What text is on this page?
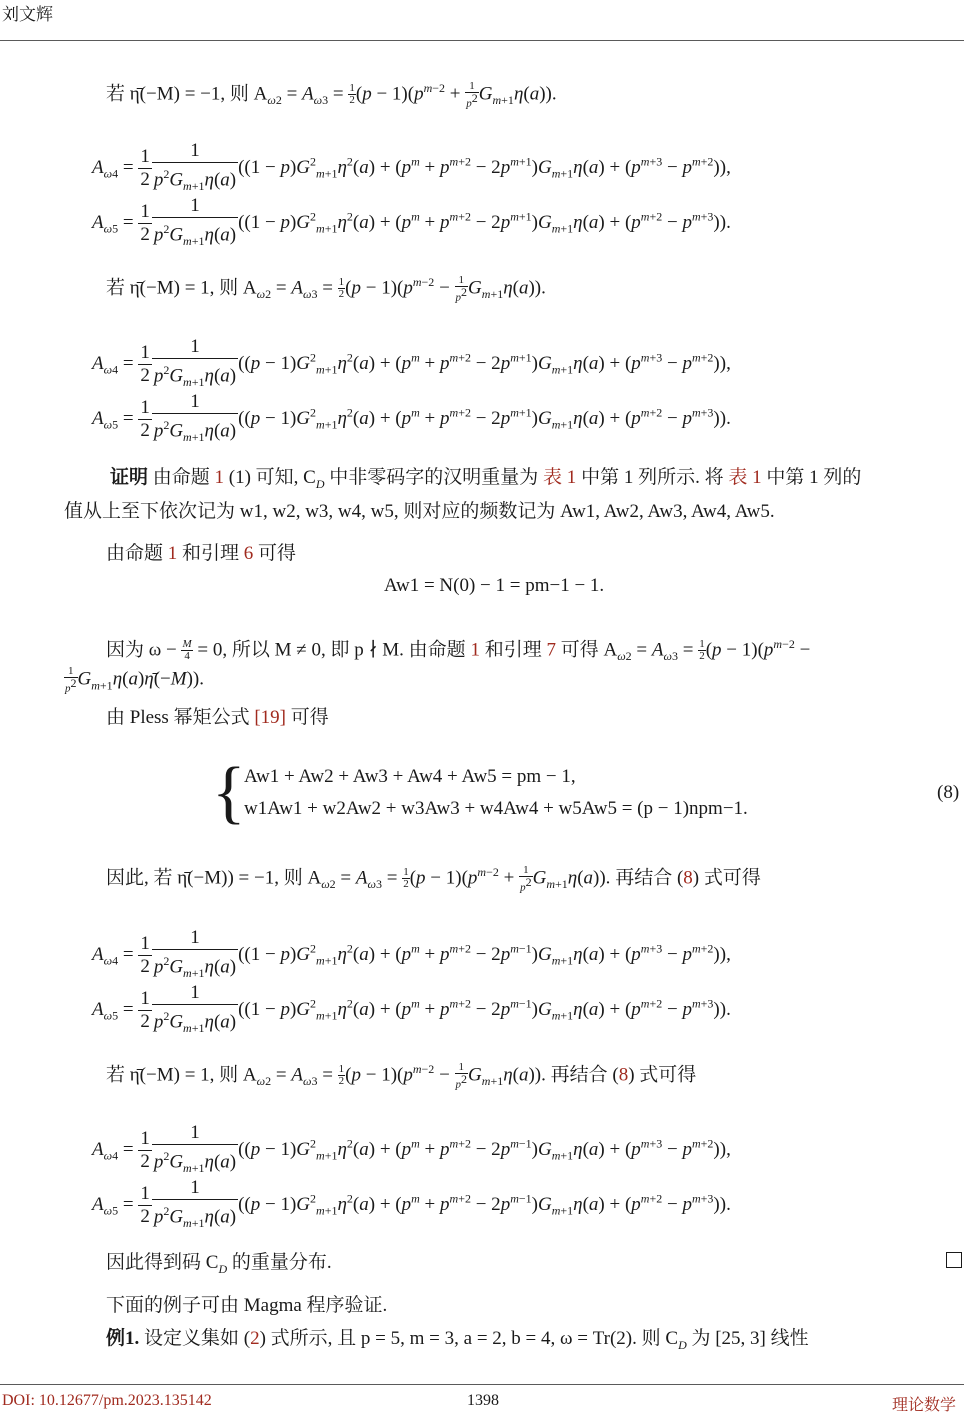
刘文辉
若 η̄(−M) = −1, 则 $A_{\omega 2} = A_{\omega 3} = \frac{1}{2} (p - 1)(p^{m-2} + \frac{1}{p^2} G_{m+1}\eta(a))$.
$A_{\omega 4} = \frac{1}{2} \frac{1}{p^2G_{m+1}\eta(a)} ((1 - p)G^2_{m+1}\eta^2(a) + (p^m + p^{m+2} - 2p^{m+1})G_{m+1}\eta(a) + (p^{m+3} - p^{m+2}))$,
$A_{\omega 5} = \frac{1}{2} \frac{1}{p^2G_{m+1}\eta(a)} ((1 - p)G^2_{m+1}\eta^2(a) + (p^m + p^{m+2} - 2p^{m+1})G_{m+1}\eta(a) + (p^{m+2} - p^{m+3}))$.
若 η̄(−M) = 1, 则 $A_{\omega 2} = A_{\omega 3} = \frac{1}{2} (p - 1)(p^{m-2} - \frac{1}{p^2} G_{m+1}\eta(a))$.
$A_{\omega 4} = \frac{1}{2} \frac{1}{p^2G_{m+1}\eta(a)} ((p - 1)G^2_{m+1}\eta^2(a) + (p^m + p^{m+2} - 2p^{m+1})G_{m+1}\eta(a) + (p^{m+3} - p^{m+2}))$,
$A_{\omega 5} = \frac{1}{2} \frac{1}{p^2G_{m+1}\eta(a)} ((p - 1)G^2_{m+1}\eta^2(a) + (p^m + p^{m+2} - 2p^{m+1})G_{m+1}\eta(a) + (p^{m+2} - p^{m+3}))$.
证明 由命题 1 (1) 可知, $C_D$ 中非零码字的汉明重量为 表 1 中第 1 列所示. 将 表 1 中第 1 列的
值从上至下依次记为 w1, w2, w3, w4, w5, 则对应的频数记为 Aw1, Aw2, Aw3, Aw4, Aw5.
由命题 1 和引理 6 可得
Aw1 = N(0) − 1 = pm−1 − 1.
因为 $\omega - \frac{M}{4} = 0$, 所以 M ≠ 0, 即 p ∤ M. 由命题 1 和引理 7 可得 $A_{\omega 2} = A_{\omega 3} = \frac{1}{2} (p - 1)(p^{m-2}$ −
$\frac{1}{p^2}$ $G_{m+1}\eta(a)\etā(-M)$).
由 Pless 幂矩公式 [19] 可得
{
Aw1 + Aw2 + Aw3 + Aw4 + Aw5 = pm − 1,
w1Aw1 + w2Aw2 + w3Aw3 + w4Aw4 + w5Aw5 = (p − 1)npm−1.
(8)
因此, 若 η̄(−M)) = −1, 则 $A_{\omega 2} = A_{\omega 3} = \frac{1}{2} (p - 1)(p^{m-2} + \frac{1}{p^2} G_{m+1}\eta(a))$. 再结合 (8) 式可得
$A_{\omega 4} = \frac{1}{2} \frac{1}{p^2G_{m+1}\eta(a)} ((1 - p)G^2_{m+1}\eta^2(a) + (p^m + p^{m+2} - 2p^{m-1})G_{m+1}\eta(a) + (p^{m+3} - p^{m+2}))$,
$A_{\omega 5} = \frac{1}{2} \frac{1}{p^2G_{m+1}\eta(a)} ((1 - p)G^2_{m+1}\eta^2(a) + (p^m + p^{m+2} - 2p^{m-1})G_{m+1}\eta(a) + (p^{m+2} - p^{m+3}))$.
若 η̄(−M) = 1, 则 $A_{\omega 2} = A_{\omega 3} = \frac{1}{2} (p - 1)(p^{m-2} - \frac{1}{p^2} G_{m+1}\eta(a))$. 再结合 (8) 式可得
$A_{\omega 4} = \frac{1}{2} \frac{1}{p^2G_{m+1}\eta(a)} ((p - 1)G^2_{m+1}\eta^2(a) + (p^m + p^{m+2} - 2p^{m-1})G_{m+1}\eta(a) + (p^{m+3} - p^{m+2}))$,
$A_{\omega 5} = \frac{1}{2} \frac{1}{p^2G_{m+1}\eta(a)} ((p - 1)G^2_{m+1}\eta^2(a) + (p^m + p^{m+2} - 2p^{m-1})G_{m+1}\eta(a) + (p^{m+2} - p^{m+3}))$.
因此得到码 $C_D$ 的重量分布.
下面的例子可由 Magma 程序验证.
例1. 设定义集如 (2) 式所示, 且 p = 5, m = 3, a = 2, b = 4, ω = Tr(2). 则 $C_D$ 为 [25, 3] 线性
DOI: 10.12677/pm.2023.135142	1398	理论数学
